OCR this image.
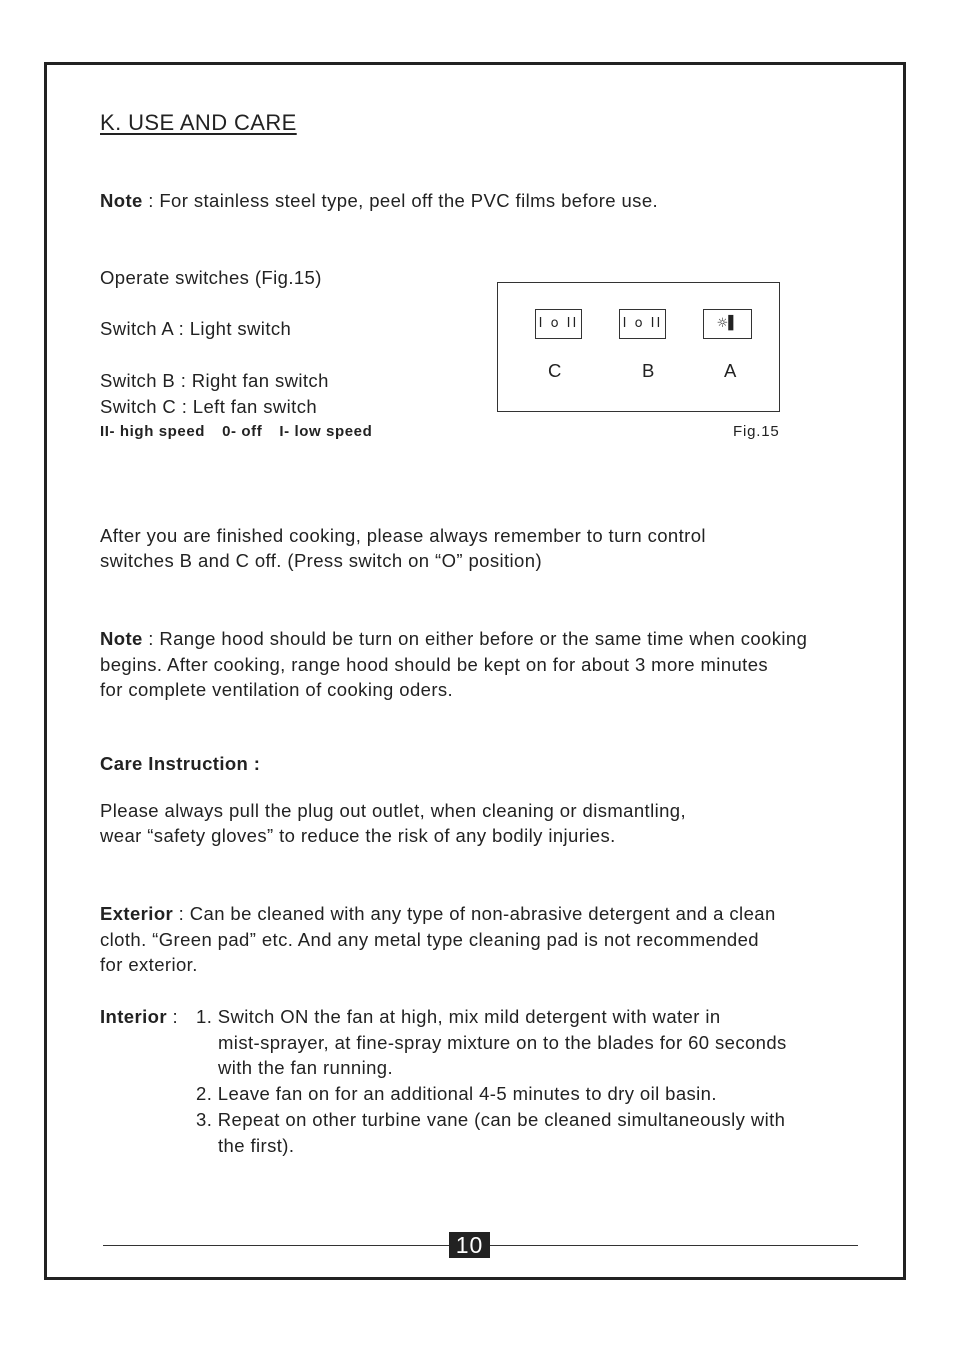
K. USE AND CARE
Note : For stainless steel type, peel off the PVC films before use.
Operate switches (Fig.15)
Switch A : Light switch
Switch B : Right fan switch
Switch C : Left fan switch
II- high speed 0- off I- low speed
I o II	I o II	☼▌
C	B	A
Fig.15
After you are finished cooking, please always remember to turn control
switches B and C off. (Press switch on “O” position)
Note : Range hood should be turn on either before or the same time when cooking
begins. After cooking, range hood should be kept on for about 3 more minutes
for complete ventilation of cooking oders.
Care Instruction :
Please always pull the plug out outlet, when cleaning or dismantling,
wear “safety gloves” to reduce the risk of any bodily injuries.
Exterior : Can be cleaned with any type of non-abrasive detergent and a clean
cloth. “Green pad” etc. And any metal type cleaning pad is not recommended
for exterior.
Interior : 1. Switch ON the fan at high, mix mild detergent with water in
mist-sprayer, at fine-spray mixture on to the blades for 60 seconds
with the fan running.
2. Leave fan on for an additional 4-5 minutes to dry oil basin.
3. Repeat on other turbine vane (can be cleaned simultaneously with
the first).
10
